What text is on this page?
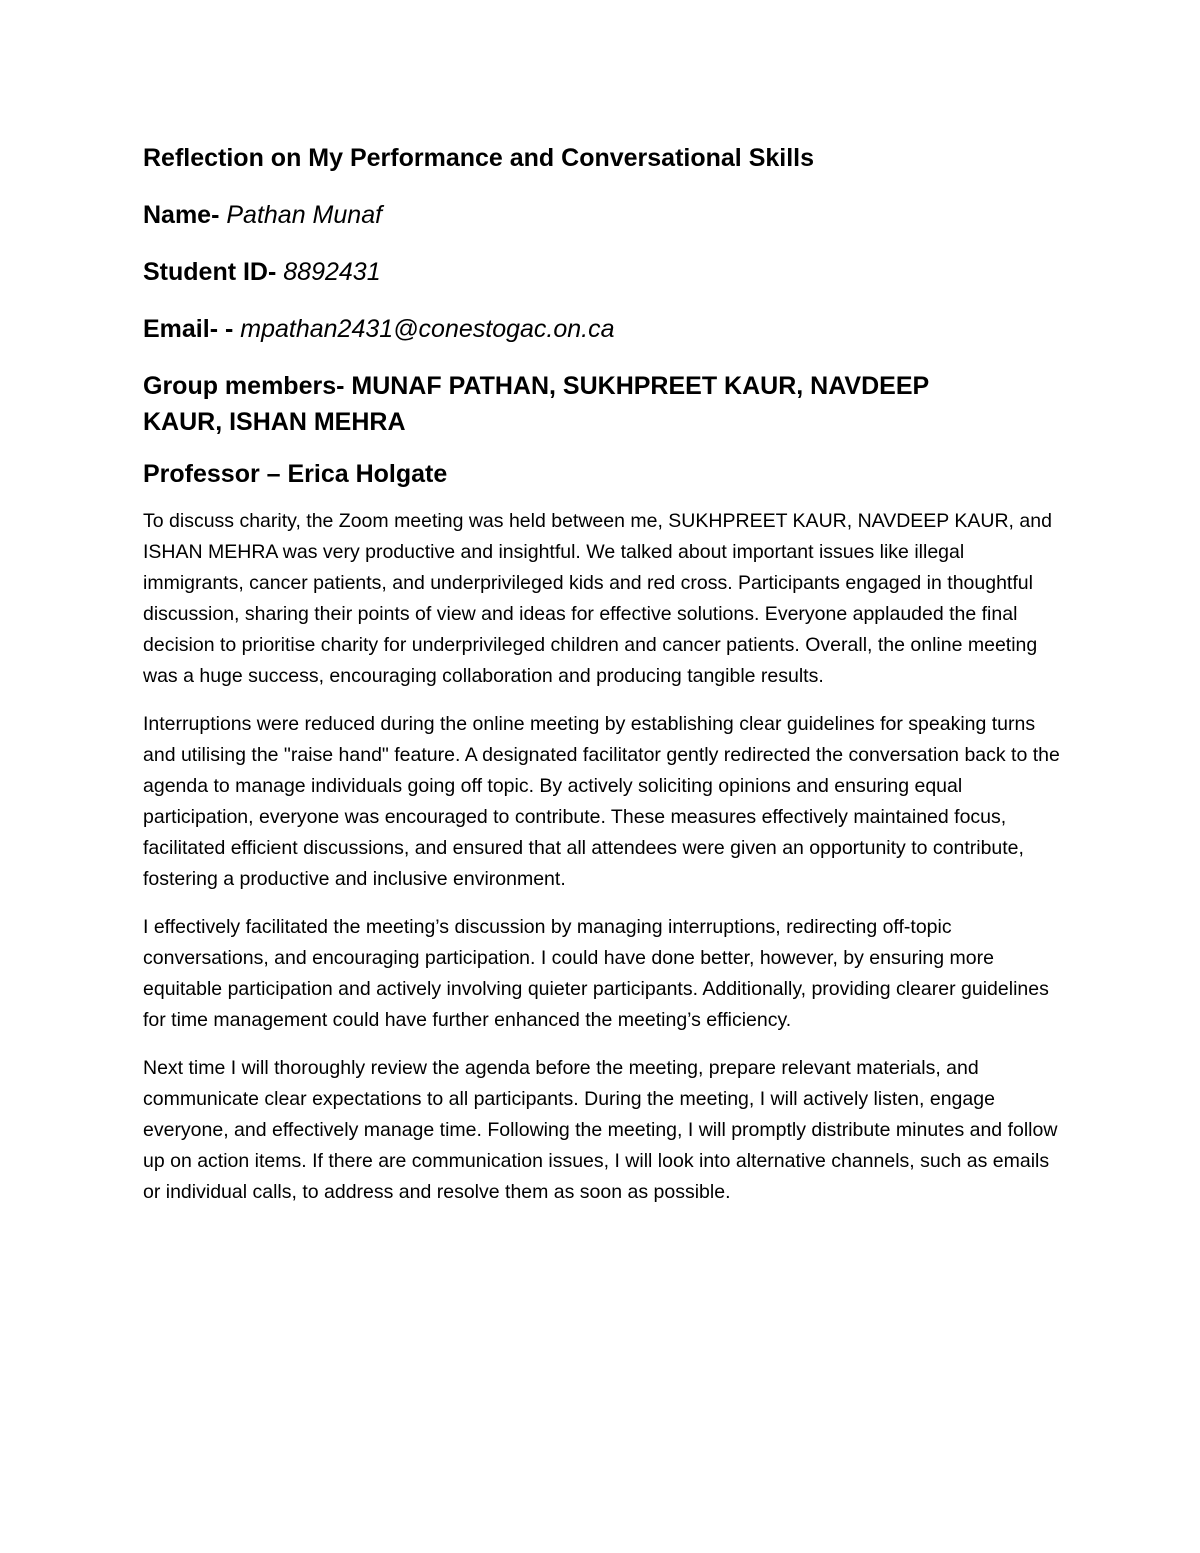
Reflection on My Performance and Conversational Skills
Name- Pathan Munaf
Student ID- 8892431
Email- - mpathan2431@conestogac.on.ca
Group members- MUNAF PATHAN, SUKHPREET KAUR, NAVDEEP KAUR, ISHAN MEHRA
Professor – Erica Holgate

To discuss charity, the Zoom meeting was held between me, SUKHPREET KAUR, NAVDEEP KAUR, and ISHAN MEHRA was very productive and insightful. We talked about important issues like illegal immigrants, cancer patients, and underprivileged kids and red cross. Participants engaged in thoughtful discussion, sharing their points of view and ideas for effective solutions. Everyone applauded the final decision to prioritise charity for underprivileged children and cancer patients. Overall, the online meeting was a huge success, encouraging collaboration and producing tangible results.

Interruptions were reduced during the online meeting by establishing clear guidelines for speaking turns and utilising the "raise hand" feature. A designated facilitator gently redirected the conversation back to the agenda to manage individuals going off topic. By actively soliciting opinions and ensuring equal participation, everyone was encouraged to contribute. These measures effectively maintained focus, facilitated efficient discussions, and ensured that all attendees were given an opportunity to contribute, fostering a productive and inclusive environment.

I effectively facilitated the meeting’s discussion by managing interruptions, redirecting off-topic conversations, and encouraging participation. I could have done better, however, by ensuring more equitable participation and actively involving quieter participants. Additionally, providing clearer guidelines for time management could have further enhanced the meeting’s efficiency.

Next time I will thoroughly review the agenda before the meeting, prepare relevant materials, and communicate clear expectations to all participants. During the meeting, I will actively listen, engage everyone, and effectively manage time. Following the meeting, I will promptly distribute minutes and follow up on action items. If there are communication issues, I will look into alternative channels, such as emails or individual calls, to address and resolve them as soon as possible.
